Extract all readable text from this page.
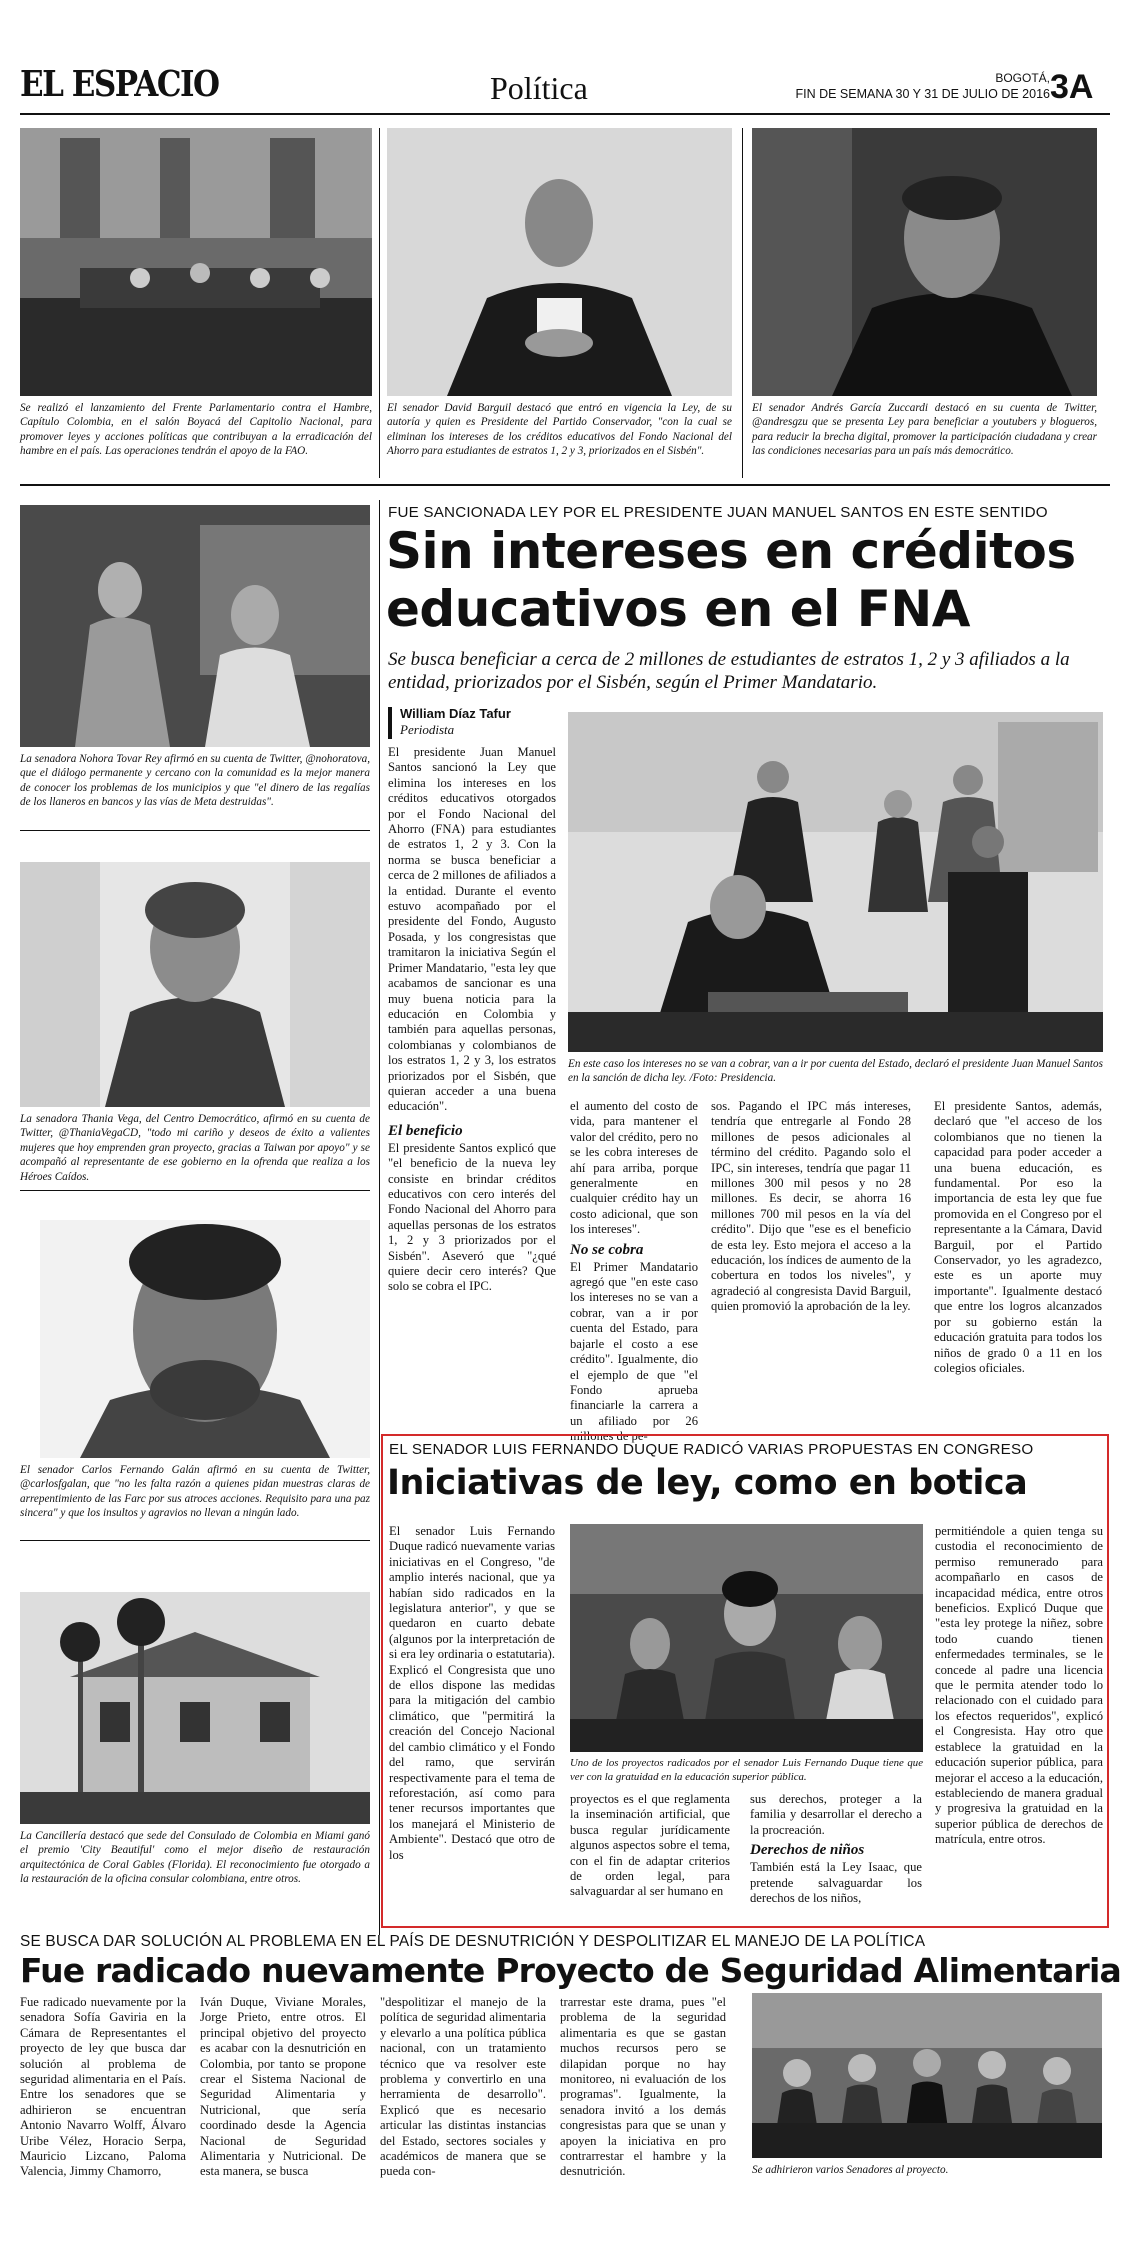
EL ESPACIO	Política	BOGOTÁ,
FIN DE SEMANA 30 Y 31 DE JULIO DE 2016 3A
Se realizó el lanzamiento del Frente Parlamentario contra el Hambre, Capítulo Colombia, en el salón Boyacá del Capitolio Nacional, para promover leyes y acciones políticas que contribuyan a la erradicación del hambre en el país. Las operaciones tendrán el apoyo de la FAO.
El senador David Barguil destacó que entró en vigencia la Ley, de su autoría y quien es Presidente del Partido Conservador, "con la cual se eliminan los intereses de los créditos educativos del Fondo Nacional del Ahorro para estudiantes de estratos 1, 2 y 3, priorizados en el Sisbén".
El senador Andrés García Zuccardi destacó en su cuenta de Twitter, @andresgzu que se presenta Ley para beneficiar a youtubers y blogueros, para reducir la brecha digital, promover la participación ciudadana y crear las condiciones necesarias para un país más democrático.
La senadora Nohora Tovar Rey afirmó en su cuenta de Twitter, @nohoratova, que el diálogo permanente y cercano con la comunidad es la mejor manera de conocer los problemas de los municipios y que "el dinero de las regalías de los llaneros en bancos y las vías de Meta destruidas".
La senadora Thania Vega, del Centro Democrático, afirmó en su cuenta de Twitter, @ThaniaVegaCD, "todo mi cariño y deseos de éxito a valientes mujeres que hoy emprenden gran proyecto, gracias a Taiwan por apoyo" y se acompañó al representante de ese gobierno en la ofrenda que realiza a los Héroes Caídos.
El senador Carlos Fernando Galán afirmó en su cuenta de Twitter, @carlosfgalan, que "no les falta razón a quienes pidan muestras claras de arrepentimiento de las Farc por sus atroces acciones. Requisito para una paz sincera" y que los insultos y agravios no llevan a ningún lado.
La Cancillería destacó que sede del Consulado de Colombia en Miami ganó el premio 'City Beautiful' como el mejor diseño de restauración arquitectónica de Coral Gables (Florida). El reconocimiento fue otorgado a la restauración de la oficina consular colombiana, entre otros.
FUE SANCIONADA LEY POR EL PRESIDENTE JUAN MANUEL SANTOS EN ESTE SENTIDO
Sin intereses en créditos
educativos en el FNA
Se busca beneficiar a cerca de 2 millones de estudiantes de estratos 1, 2 y 3 afiliados a la entidad, priorizados por el Sisbén, según el Primer Mandatario.
William Díaz Tafur
Periodista
En este caso los intereses no se van a cobrar, van a ir por cuenta del Estado, declaró el presidente Juan Manuel Santos en la sanción de dicha ley. /Foto: Presidencia.

El presidente Juan Manuel Santos sancionó la Ley que elimina los intereses en los créditos educativos otorgados por el Fondo Nacional del Ahorro (FNA) para estudiantes de estratos 1, 2 y 3. Con la norma se busca beneficiar a cerca de 2 millones de afiliados a la entidad. Durante el evento estuvo acompañado por el presidente del Fondo, Augusto Posada, y los congresistas que tramitaron la iniciativa Según el Primer Mandatario, "esta ley que acabamos de sancionar es una muy buena noticia para la educación en Colombia y también para aquellas personas, colombianas y colombianos de los estratos 1, 2 y 3, los estratos priorizados por el Sisbén, que quieran acceder a una buena educación".

El beneficio

El presidente Santos explicó que "el beneficio de la nueva ley consiste en brindar créditos educativos con cero interés del Fondo Nacional del Ahorro para aquellas personas de los estratos 1, 2 y 3 priorizados por el Sisbén". Aseveró que "¿qué quiere decir cero interés? Que solo se cobra el IPC.

el aumento del costo de vida, para mantener el valor del crédito, pero no se les cobra intereses de ahí para arriba, porque generalmente en cualquier crédito hay un costo adicional, que son los intereses".

No se cobra

El Primer Mandatario agregó que "en este caso los intereses no se van a cobrar, van a ir por cuenta del Estado, para bajarle el costo a ese crédito". Igualmente, dio el ejemplo de que "el Fondo aprueba financiarle la carrera a un afiliado por 26 millones de pe-

sos. Pagando el IPC más intereses, tendría que entregarle al Fondo 28 millones de pesos adicionales al término del crédito. Pagando solo el IPC, sin intereses, tendría que pagar 11 millones 300 mil pesos y no 28 millones. Es decir, se ahorra 16 millones 700 mil pesos en la vía del crédito". Dijo que "ese es el beneficio de esta ley. Esto mejora el acceso a la educación, los índices de aumento de la cobertura en todos los niveles", y agradeció al congresista David Barguil, quien promovió la aprobación de la ley.

El presidente Santos, además, declaró que "el acceso de los colombianos que no tienen la capacidad para poder acceder a una buena educación, es fundamental. Por eso la importancia de esta ley que fue promovida en el Congreso por el representante a la Cámara, David Barguil, por el Partido Conservador, yo les agradezco, este es un aporte muy importante". Igualmente destacó que entre los logros alcanzados por su gobierno están la educación gratuita para todos los niños de grado 0 a 11 en los colegios oficiales.

EL SENADOR LUIS FERNANDO DUQUE RADICÓ VARIAS PROPUESTAS EN CONGRESO
Iniciativas de ley, como en botica
Uno de los proyectos radicados por el senador Luis Fernando Duque tiene que ver con la gratuidad en la educación superior pública.

El senador Luis Fernando Duque radicó nuevamente varias iniciativas en el Congreso, "de amplio interés nacional, que ya habían sido radicados en la legislatura anterior", y que se quedaron en cuarto debate (algunos por la interpretación de si era ley ordinaria o estatutaria). Explicó el Congresista que uno de ellos dispone las medidas para la mitigación del cambio climático, que "permitirá la creación del Concejo Nacional del cambio climático y el Fondo del ramo, que servirán respectivamente para el tema de reforestación, así como para tener recursos importantes que los manejará el Ministerio de Ambiente". Destacó que otro de los

proyectos es el que reglamenta la inseminación artificial, que busca regular jurídicamente algunos aspectos sobre el tema, con el fin de adaptar criterios de orden legal, para salvaguardar al ser humano en

sus derechos, proteger a la familia y desarrollar el derecho a la procreación.

Derechos de niños

También está la Ley Isaac, que pretende salvaguardar los derechos de los niños,

permitiéndole a quien tenga su custodia el reconocimiento de permiso remunerado para acompañarlo en casos de incapacidad médica, entre otros beneficios. Explicó Duque que "esta ley protege la niñez, sobre todo cuando tienen enfermedades terminales, se le concede al padre una licencia que le permita atender todo lo relacionado con el cuidado para los efectos requeridos", explicó el Congresista. Hay otro que establece la gratuidad en la educación superior pública, para mejorar el acceso a la educación, estableciendo de manera gradual y progresiva la gratuidad en la superior pública de derechos de matrícula, entre otros.

SE BUSCA DAR SOLUCIÓN AL PROBLEMA EN EL PAÍS DE DESNUTRICIÓN Y DESPOLITIZAR EL MANEJO DE LA POLÍTICA
Fue radicado nuevamente Proyecto de Seguridad Alimentaria

Fue radicado nuevamente por la senadora Sofía Gaviria en la Cámara de Representantes el proyecto de ley que busca dar solución al problema de seguridad alimentaria en el País. Entre los senadores que se adhirieron se encuentran Antonio Navarro Wolff, Álvaro Uribe Vélez, Horacio Serpa, Mauricio Lizcano, Paloma Valencia, Jimmy Chamorro,

Iván Duque, Viviane Morales, Jorge Prieto, entre otros. El principal objetivo del proyecto es acabar con la desnutrición en Colombia, por tanto se propone crear el Sistema Nacional de Seguridad Alimentaria y Nutricional, que sería coordinado desde la Agencia Nacional de Seguridad Alimentaria y Nutricional. De esta manera, se busca

"despolitizar el manejo de la política de seguridad alimentaria y elevarlo a una política pública nacional, con un tratamiento técnico que va resolver este problema y convertirlo en una herramienta de desarrollo". Explicó que es necesario articular las distintas instancias del Estado, sectores sociales y académicos de manera que se pueda con-

trarrestar este drama, pues "el problema de la seguridad alimentaria es que se gastan muchos recursos pero se dilapidan porque no hay monitoreo, ni evaluación de los programas". Igualmente, la senadora invitó a los demás congresistas para que se unan y apoyen la iniciativa en pro contrarrestar el hambre y la desnutrición.	Se adhirieron varios Senadores al proyecto.
